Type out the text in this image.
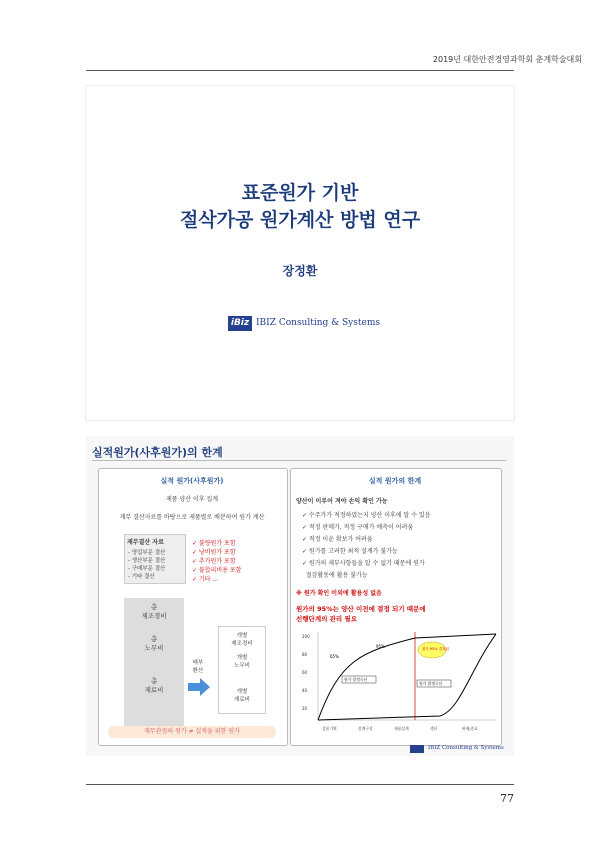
2019년 대한안전경영과학회 춘계학술대회
표준원가 기반
절삭가공 원가계산 방법 연구
장정환
iBiz IBIZ Consulting & Systems
실적원가(사후원가)의 한계
실적 원가(사후원가)
제품 양산 이후 집계
재무 결산자료를 바탕으로 제품별로 배분하여 원가 계산
재무결산 자료
- 영업부문 결산
- 생산부문 결산
- 구매부문 결산
- 기타 결산
✓ 불량원가 포함
✓ 낭비원가 포함
✓ 추가원가 포함
✓ 불합리비용 포함
✓ 기타 ...
총
제조경비
총
노무비
총
재료비
배부
환산
개별
제조경비
개별
노무비
개별
재료비
재무관점의 원가 ≠ 실적을 위한 원가
실적 원가의 한계
양산이 이루어 져야 손익 확인 가능
✓ 수주가가 적정하였는지 양산 이후에 알 수 있음
✓ 적정 판매가, 적정 구매가 예측이 어려움
✓ 적정 이윤 확보가 어려움
✓ 원가를 고려한 최적 설계가 불가능
✓ 원가의 세부사항들을 알 수 없기 때문에 원가
절감활동에 활용 불가능
※ 원가 확인 이외에 활용성 없음
원가의 95%는 양산 이전에 결정 되기 때문에
선행단계의 관리 필요
100
80
60
40
20
65%
95%	원가 95% 결정됨
원가 결정곡선
원가 발생곡선
상품기획	설계구상	제품설계	생산	판매/종료
IBIZ Consulting & Systems
77
